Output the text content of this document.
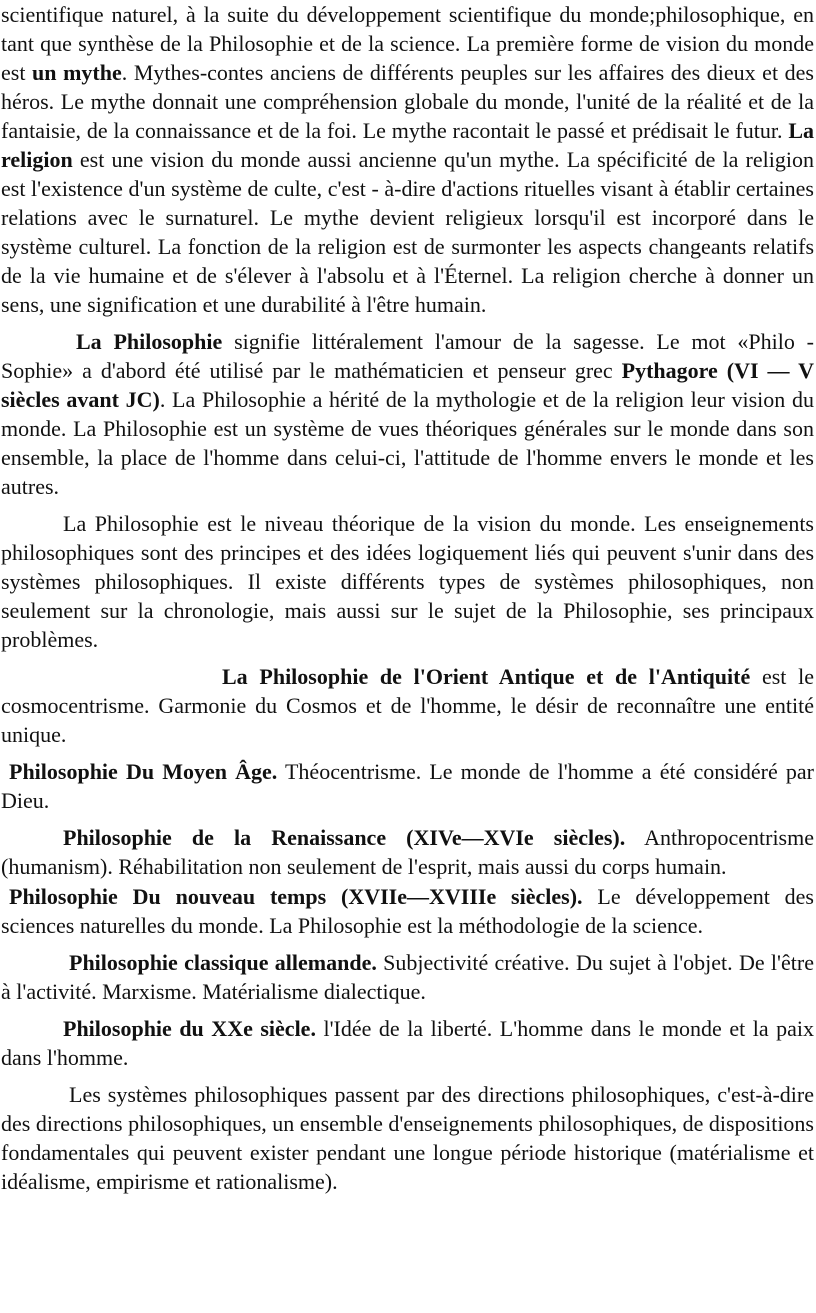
scientifique naturel, à la suite du développement scientifique du monde;philosophique, en tant que synthèse de la Philosophie et de la science. La première forme de vision du monde est un mythe. Mythes-contes anciens de différents peuples sur les affaires des dieux et des héros. Le mythe donnait une compréhension globale du monde, l'unité de la réalité et de la fantaisie, de la connaissance et de la foi. Le mythe racontait le passé et prédisait le futur. La religion est une vision du monde aussi ancienne qu'un mythe. La spécificité de la religion est l'existence d'un système de culte, c'est - à-dire d'actions rituelles visant à établir certaines relations avec le surnaturel. Le mythe devient religieux lorsqu'il est incorporé dans le système culturel. La fonction de la religion est de surmonter les aspects changeants relatifs de la vie humaine et de s'élever à l'absolu et à l'Éternel. La religion cherche à donner un sens, une signification et une durabilité à l'être humain.

La Philosophie signifie littéralement l'amour de la sagesse. Le mot «Philo - Sophie» a d'abord été utilisé par le mathématicien et penseur grec Pythagore (VI — V siècles avant JC). La Philosophie a hérité de la mythologie et de la religion leur vision du monde. La Philosophie est un système de vues théoriques générales sur le monde dans son ensemble, la place de l'homme dans celui-ci, l'attitude de l'homme envers le monde et les autres.

La Philosophie est le niveau théorique de la vision du monde. Les enseignements philosophiques sont des principes et des idées logiquement liés qui peuvent s'unir dans des systèmes philosophiques. Il existe différents types de systèmes philosophiques, non seulement sur la chronologie, mais aussi sur le sujet de la Philosophie, ses principaux problèmes.

La Philosophie de l'Orient Antique et de l'Antiquité est le cosmocentrisme. Garmonie du Cosmos et de l'homme, le désir de reconnaître une entité unique.

Philosophie Du Moyen Âge. Théocentrisme. Le monde de l'homme a été considéré par Dieu.

Philosophie de la Renaissance (XIVe—XVIe siècles). Anthropocentrisme (humanism). Réhabilitation non seulement de l'esprit, mais aussi du corps humain.

Philosophie Du nouveau temps (XVIIe—XVIIIe siècles). Le développement des sciences naturelles du monde. La Philosophie est la méthodologie de la science.

Philosophie classique allemande. Subjectivité créative. Du sujet à l'objet. De l'être à l'activité. Marxisme. Matérialisme dialectique.

Philosophie du XXe siècle. l'Idée de la liberté. L'homme dans le monde et la paix dans l'homme.

Les systèmes philosophiques passent par des directions philosophiques, c'est-à-dire des directions philosophiques, un ensemble d'enseignements philosophiques, de dispositions fondamentales qui peuvent exister pendant une longue période historique (matérialisme et idéalisme, empirisme et rationalisme).
